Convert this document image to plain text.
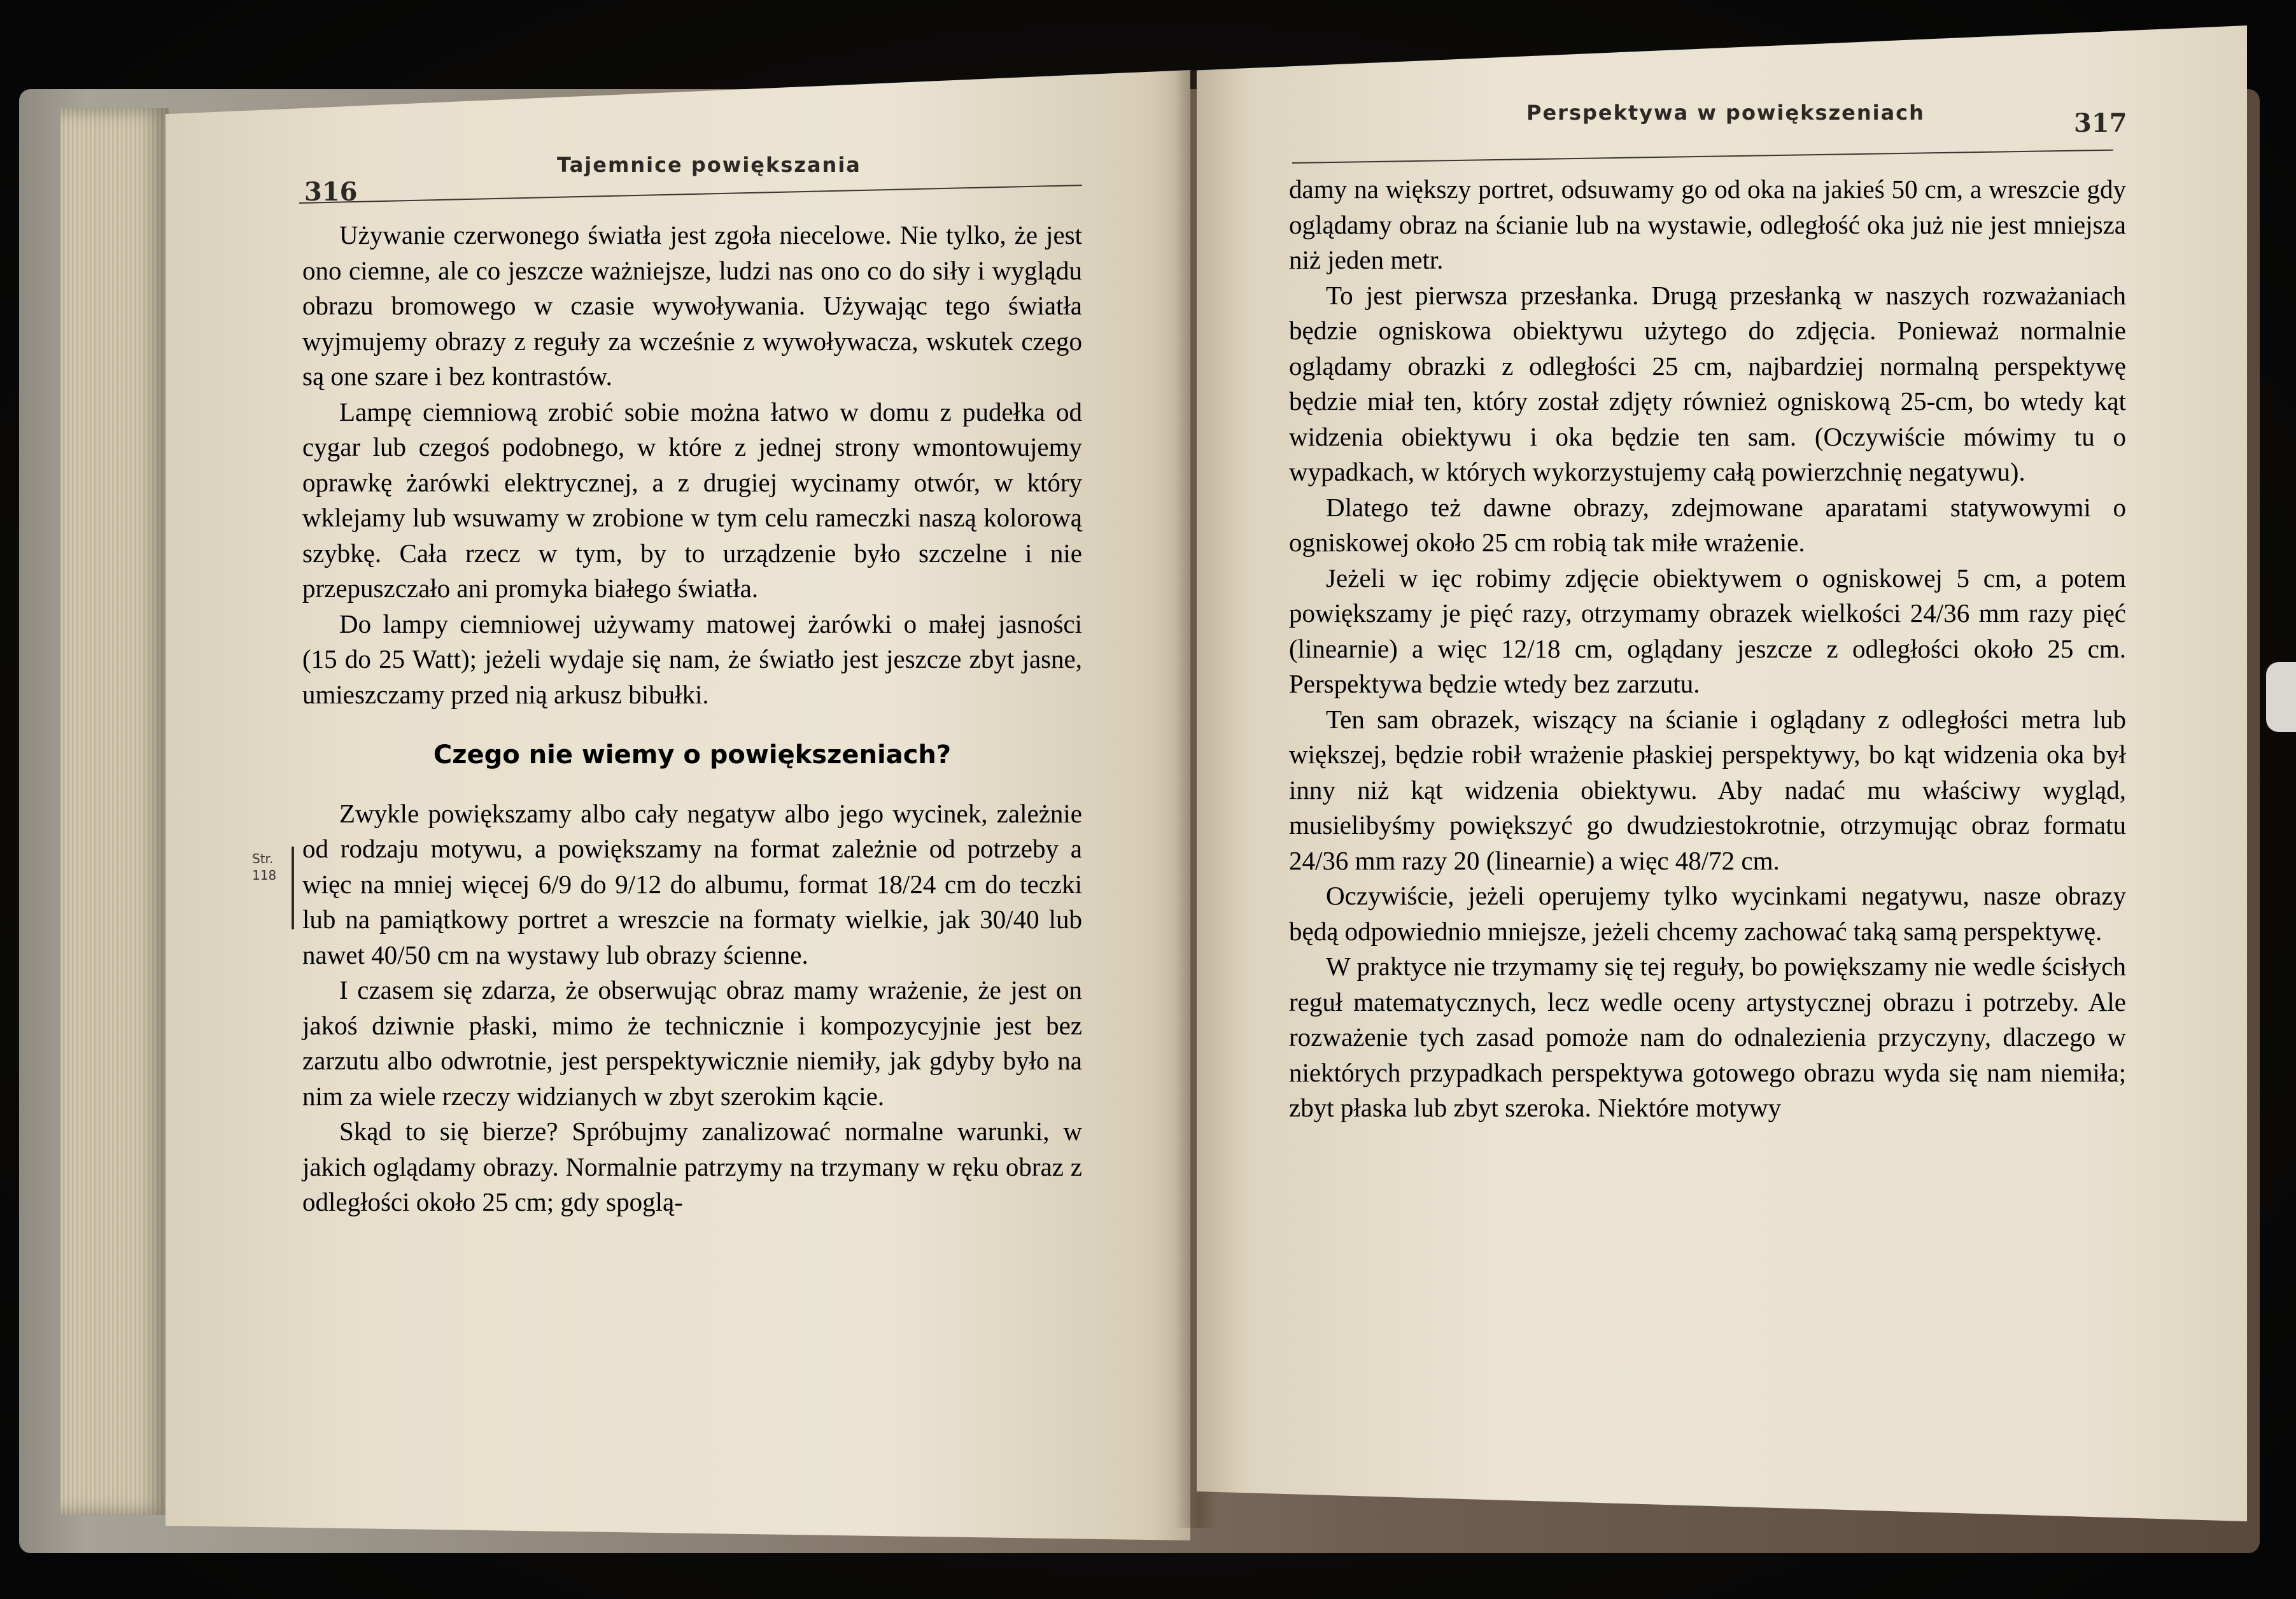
316
Tajemnice powiększania

Używanie czerwonego światła jest zgoła niecelowe. Nie tylko, że jest ono ciemne, ale co jeszcze ważniejsze, ludzi nas ono co do siły i wyglądu obrazu bromowego w czasie wywoływania. Używając tego światła wyjmujemy obrazy z reguły za wcześnie z wywoływacza, wskutek czego są one szare i bez kontrastów.

Lampę ciemniową zrobić sobie można łatwo w domu z pudełka od cygar lub czegoś podobnego, w które z jednej strony wmontowujemy oprawkę żarówki elektrycznej, a z drugiej wycinamy otwór, w który wklejamy lub wsuwamy w zrobione w tym celu rameczki naszą kolorową szybkę. Cała rzecz w tym, by to urządzenie było szczelne i nie przepuszczało ani promyka białego światła.

Do lampy ciemniowej używamy matowej żarówki o małej jasności (15 do 25 Watt); jeżeli wydaje się nam, że światło jest jeszcze zbyt jasne, umieszczamy przed nią arkusz bibułki.

Czego nie wiemy o powiększeniach?

Zwykle powiększamy albo cały negatyw albo jego wycinek, zależnie od rodzaju motywu, a powiększamy na format zależnie od potrzeby a więc na mniej więcej 6/9 do 9/12 do albumu, format 18/24 cm do teczki lub na pamiątkowy portret a wreszcie na formaty wielkie, jak 30/40 lub nawet 40/50 cm na wystawy lub obrazy ścienne.

I czasem się zdarza, że obserwując obraz mamy wrażenie, że jest on jakoś dziwnie płaski, mimo że technicznie i kompozycyjnie jest bez zarzutu albo odwrotnie, jest perspektywicznie niemiły, jak gdyby było na nim za wiele rzeczy widzianych w zbyt szerokim kącie.

Skąd to się bierze? Spróbujmy zanalizować normalne warunki, w jakich oglądamy obrazy. Normalnie patrzymy na trzymany w ręku obraz z odległości około 25 cm; gdy spoglą-

Str. 118
Perspektywa w powiększeniach	317

damy na większy portret, odsuwamy go od oka na jakieś 50 cm, a wreszcie gdy oglądamy obraz na ścianie lub na wystawie, odległość oka już nie jest mniejsza niż jeden metr.

To jest pierwsza przesłanka. Drugą przesłanką w naszych rozważaniach będzie ogniskowa obiektywu użytego do zdjęcia. Ponieważ normalnie oglądamy obrazki z odległości 25 cm, najbardziej normalną perspektywę będzie miał ten, który został zdjęty również ogniskową 25-cm, bo wtedy kąt widzenia obiektywu i oka będzie ten sam. (Oczywiście mówimy tu o wypadkach, w których wykorzystujemy całą powierzchnię negatywu).

Dlatego też dawne obrazy, zdejmowane aparatami statywowymi o ogniskowej około 25 cm robią tak miłe wrażenie.

Jeżeli w ięc robimy zdjęcie obiektywem o ogniskowej 5 cm, a potem powiększamy je pięć razy, otrzymamy obrazek wielkości 24/36 mm razy pięć (linearnie) a więc 12/18 cm, oglądany jeszcze z odległości około 25 cm. Perspektywa będzie wtedy bez zarzutu.

Ten sam obrazek, wiszący na ścianie i oglądany z odległości metra lub większej, będzie robił wrażenie płaskiej perspektywy, bo kąt widzenia oka był inny niż kąt widzenia obiektywu. Aby nadać mu właściwy wygląd, musielibyśmy powiększyć go dwudziestokrotnie, otrzymując obraz formatu 24/36 mm razy 20 (linearnie) a więc 48/72 cm.

Oczywiście, jeżeli operujemy tylko wycinkami negatywu, nasze obrazy będą odpowiednio mniejsze, jeżeli chcemy zachować taką samą perspektywę.

W praktyce nie trzymamy się tej reguły, bo powiększamy nie wedle ścisłych reguł matematycznych, lecz wedle oceny artystycznej obrazu i potrzeby. Ale rozważenie tych zasad pomoże nam do odnalezienia przyczyny, dlaczego w niektórych przypadkach perspektywa gotowego obrazu wyda się nam niemiła; zbyt płaska lub zbyt szeroka. Niektóre motywy
